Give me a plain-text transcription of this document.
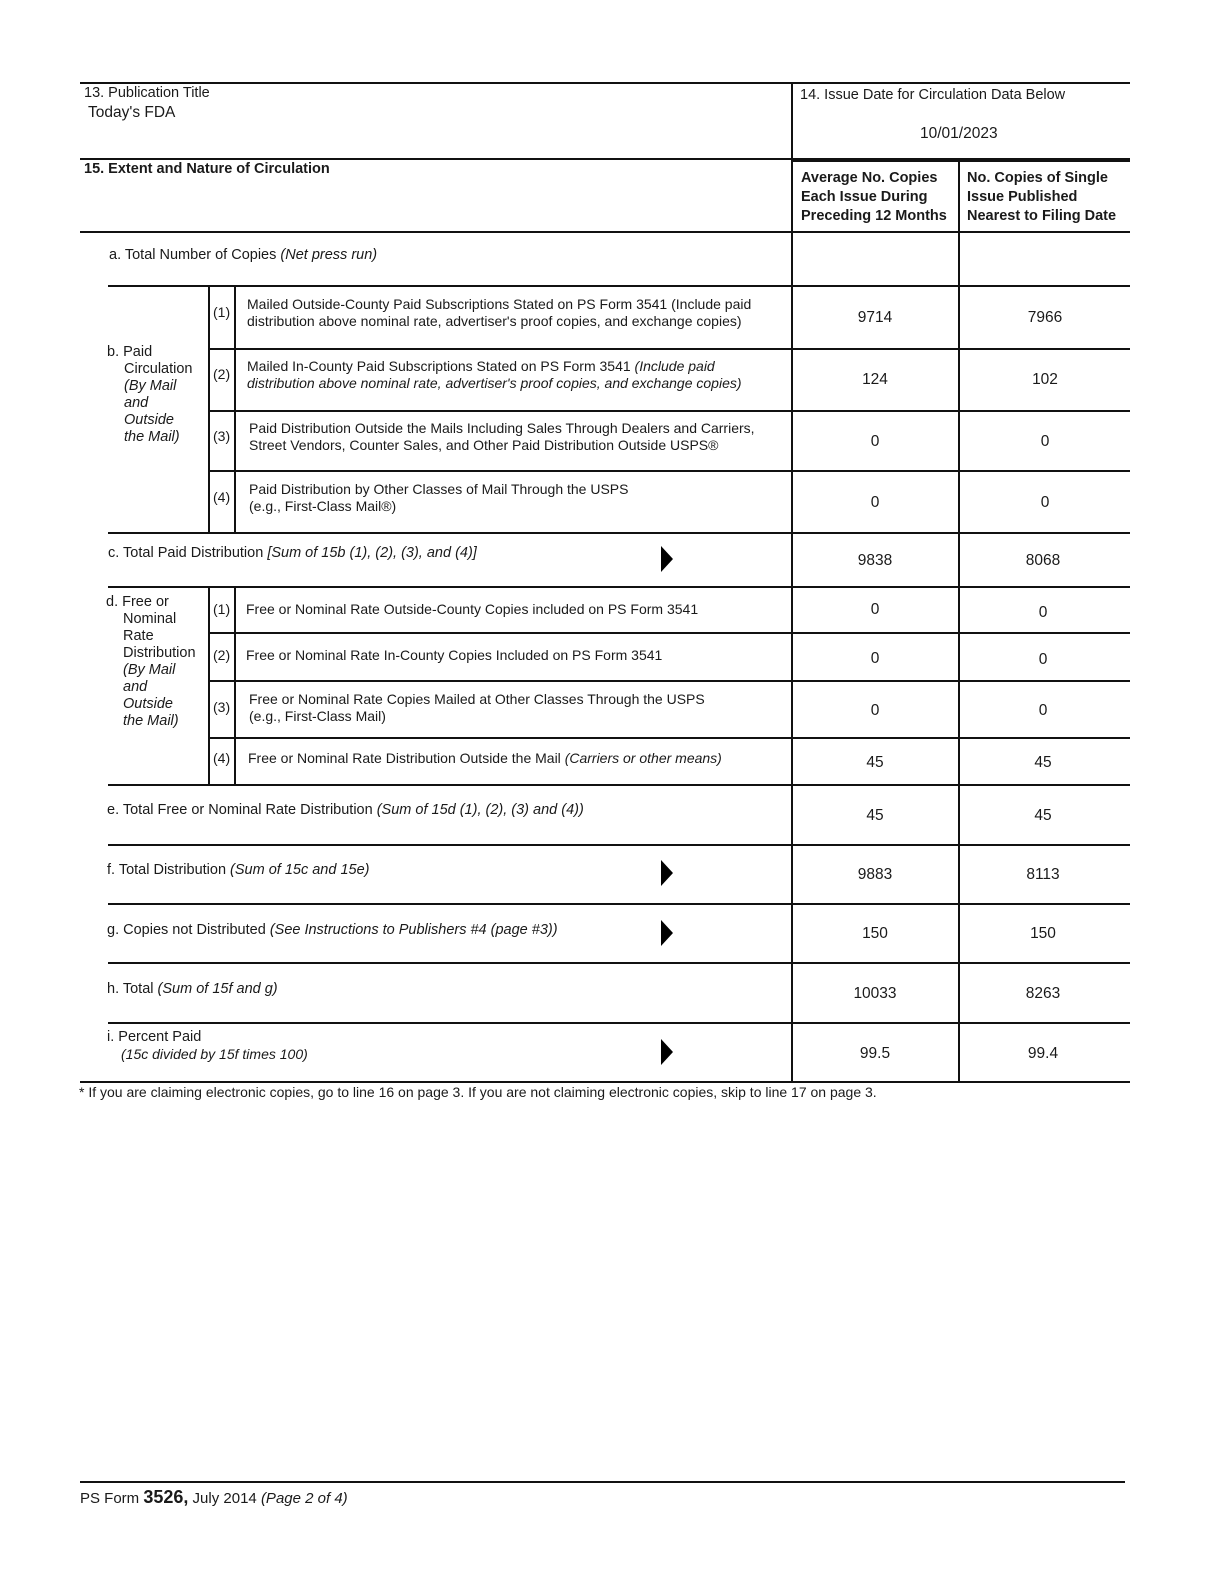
13. Publication Title
Today's FDA
14. Issue Date for Circulation Data Below
10/01/2023
15. Extent and Nature of Circulation
Average No. Copies
Each Issue During
Preceding 12 Months
No. Copies of Single
Issue Published
Nearest to Filing Date
a. Total Number of Copies (Net press run)
b. Paid
Circulation
(By Mail
and
Outside
the Mail)
(1) Mailed Outside-County Paid Subscriptions Stated on PS Form 3541 (Include paid
distribution above nominal rate, advertiser's proof copies, and exchange copies)	9714	7966
(2) Mailed In-County Paid Subscriptions Stated on PS Form 3541 (Include paid
distribution above nominal rate, advertiser's proof copies, and exchange copies)	124	102
(3) Paid Distribution Outside the Mails Including Sales Through Dealers and Carriers,
Street Vendors, Counter Sales, and Other Paid Distribution Outside USPS®	0	0
(4) Paid Distribution by Other Classes of Mail Through the USPS
(e.g., First-Class Mail®)	0	0
c. Total Paid Distribution [Sum of 15b (1), (2), (3), and (4)]	9838	8068
d. Free or
Nominal
Rate
Distribution
(By Mail
and
Outside
the Mail)
(1) Free or Nominal Rate Outside-County Copies included on PS Form 3541	0	0
(2) Free or Nominal Rate In-County Copies Included on PS Form 3541	0	0
(3) Free or Nominal Rate Copies Mailed at Other Classes Through the USPS
(e.g., First-Class Mail)	0	0
(4) Free or Nominal Rate Distribution Outside the Mail (Carriers or other means)	45	45
e. Total Free or Nominal Rate Distribution (Sum of 15d (1), (2), (3) and (4))	45	45
f. Total Distribution (Sum of 15c and 15e)	9883	8113
g. Copies not Distributed (See Instructions to Publishers #4 (page #3))	150	150
h. Total (Sum of 15f and g)	10033	8263
i. Percent Paid
(15c divided by 15f times 100)	99.5	99.4
* If you are claiming electronic copies, go to line 16 on page 3. If you are not claiming electronic copies, skip to line 17 on page 3.
PS Form 3526, July 2014 (Page 2 of 4)
